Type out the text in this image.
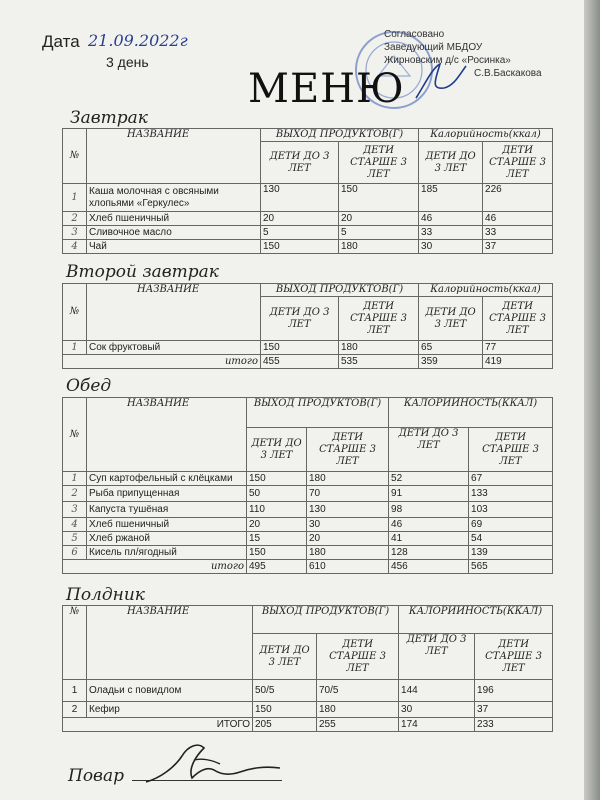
Дата 21.09.2022г
3 день
Согласовано
Заведующий МБДОУ
Жирновским д/с «Росинка»
С.В.Баскакова
МЕНЮ
Завтрак
№	НАЗВАНИЕ	ВЫХОД ПРОДУКТОВ(Г)		Калорийность(ккал)	
		ДЕТИ ДО 3 ЛЕТ	ДЕТИ СТАРШЕ 3 ЛЕТ	ДЕТИ ДО 3 ЛЕТ	ДЕТИ СТАРШЕ 3 ЛЕТ
1	Каша молочная с овсяными хлопьями «Геркулес»	130	150	185	226
2	Хлеб пшеничный	20	20	46	46
3	Сливочное масло	5	5	33	33
4	Чай	150	180	30	37
Второй завтрак
№	НАЗВАНИЕ	ВЫХОД ПРОДУКТОВ(Г)		Калорийность(ккал)	
		ДЕТИ ДО 3 ЛЕТ	ДЕТИ СТАРШЕ 3 ЛЕТ	ДЕТИ ДО 3 ЛЕТ	ДЕТИ СТАРШЕ 3 ЛЕТ
1	Сок фруктовый	150	180	65	77
итого		455	535	359	419
Обед
№	НАЗВАНИЕ	ВЫХОД ПРОДУКТОВ(Г)		КАЛОРИЙНОСТЬ(ККАЛ)	
		ДЕТИ ДО 3 ЛЕТ	ДЕТИ СТАРШЕ 3 ЛЕТ	ДЕТИ ДО 3 ЛЕТ	ДЕТИ СТАРШЕ 3 ЛЕТ
1	Суп картофельный с клёцками	150	180	52	67
2	Рыба припущенная	50	70	91	133
3	Капуста тушёная	110	130	98	103
4	Хлеб пшеничный	20	30	46	69
5	Хлеб ржаной	15	20	41	54
6	Кисель пл/ягодный	150	180	128	139
итого		495	610	456	565
Полдник
№	НАЗВАНИЕ	ВЫХОД ПРОДУКТОВ(Г)		КАЛОРИЙНОСТЬ(ККАЛ)	
		ДЕТИ ДО 3 ЛЕТ	ДЕТИ СТАРШЕ 3 ЛЕТ	ДЕТИ ДО 3 ЛЕТ	ДЕТИ СТАРШЕ 3 ЛЕТ
1	Оладьи с повидлом	50/5	70/5	144	196
2	Кефир	150	180	30	37
ИТОГО		205	255	174	233
Повар
